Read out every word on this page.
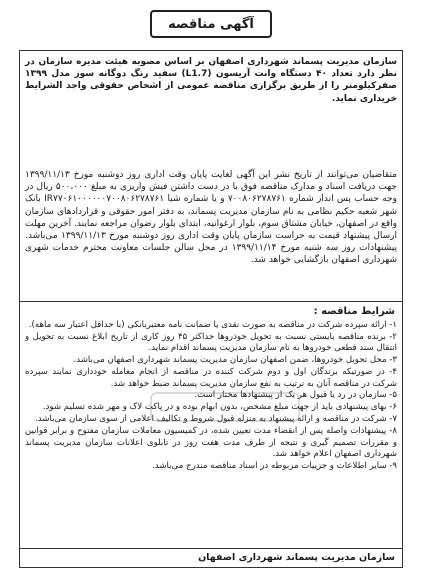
آگهی مناقصه

سازمان مدیریت پسماند شهرداری اصفهان بر اساس مصوبه هیئت مدیره سازمان در نظر دارد تعداد ۴۰ دستگاه وانت آریسون (L1.7) سفید رنگ دوگانه سوز مدل ۱۳۹۹ صفرکیلومتر را از طریق برگزاری مناقصه عمومی از اشخاص حقوقی واجد الشرایط خریداری نماید.

متقاضیان می‌توانند از تاریخ نشر این آگهی لغایت پایان وقت اداری روز دوشنبه مورخ ۱۳۹۹/۱۱/۱۳ جهت دریافت اسناد و مدارک مناقصه فوق با در دست داشتن فیش واریزی به مبلغ ۵۰۰،۰۰۰ ریال در وجه حساب پس انداز شماره ۷۰۰۸۰۶۲۷۸۷۶۱ و یا شماره شبا IR۷۷۰۶۱۰۰۰۰۰۰۷۰۰۸۰۶۲۷۸۷۶۱ بانک شهر شعبه حکیم نظامی به نام سازمان مدیریت پسماند، به دفتر امور حقوقی و قراردادهای سازمان واقع در اصفهان، خیابان مشتاق سوم، بلوار ارغوانیه، ابتدای بلوار رضوان مراجعه نمایند. آخرین مهلت ارسال پیشنهاد قیمت به حراست سازمان پایان وقت اداری روز دوشنبه مورخ ۱۳۹۹/۱۱/۱۳ می‌باشد. پیشنهادات روز سه شنبه مورخ ۱۳۹۹/۱۱/۱۴ در محل سالن جلسات معاونت محترم خدمات شهری شهرداری اصفهان بازگشایی خواهد شد.

شرایط مناقصه :

۱- ارائه سپرده شرکت در مناقصه به صورت نقدی یا ضمانت نامه معتبربانکی (با حداقل اعتبار سه ماهه).
۲- برنده مناقصه بایستی نسبت به تحویل خودروها حداکثر ۴۵ روز کاری از تاریخ ابلاغ نسبت به تحویل و انتقال سند قطعی خودروها به نام سازمان مدیریت پسماند اقدام نماید.
۳- محل تحویل خودروها، ضمن اصفهان سازمان مدیریت پسماند شهرداری اصفهان می‌باشد.
۴- در صورتیکه برندگان اول و دوم شرکت کننده در مناقصه از انجام معامله خودداری نمایند سپرده شرکت در مناقصه آنان به ترتیب به نفع سازمان مدیریت پسماند ضبط خواهد شد.
۵- سازمان در رد یا قبول هر یک از پیشنهادها مختار است.
۶- بهای پیشنهادی باید از جهت مبلغ مشخص، بدون ابهام بوده و در پاکت لاک و مهر شده تسلیم شود.
۷- شرکت در مناقصه و ارائه پیشنهاد به منزله قبول شروط و تکالیف اعلامی از سوی سازمان می‌باشد.
۸- پیشنهادات واصله پس از انقضاء مدت تعیین شده، در کمیسیون معاملات سازمان مفتوح و برابر قوانین و مقررات تصمیم گیری و نتیجه از طرف مدت هفت روز در تابلوی اعلانات سازمان مدیریت پسماند شهرداری اصفهان اعلام خواهد شد.
۹- سایر اطلاعات و جزییات مربوطه در اسناد مناقصه مندرج می‌باشد.

سازمان مدیریت پسماند شهرداری اصفهان
